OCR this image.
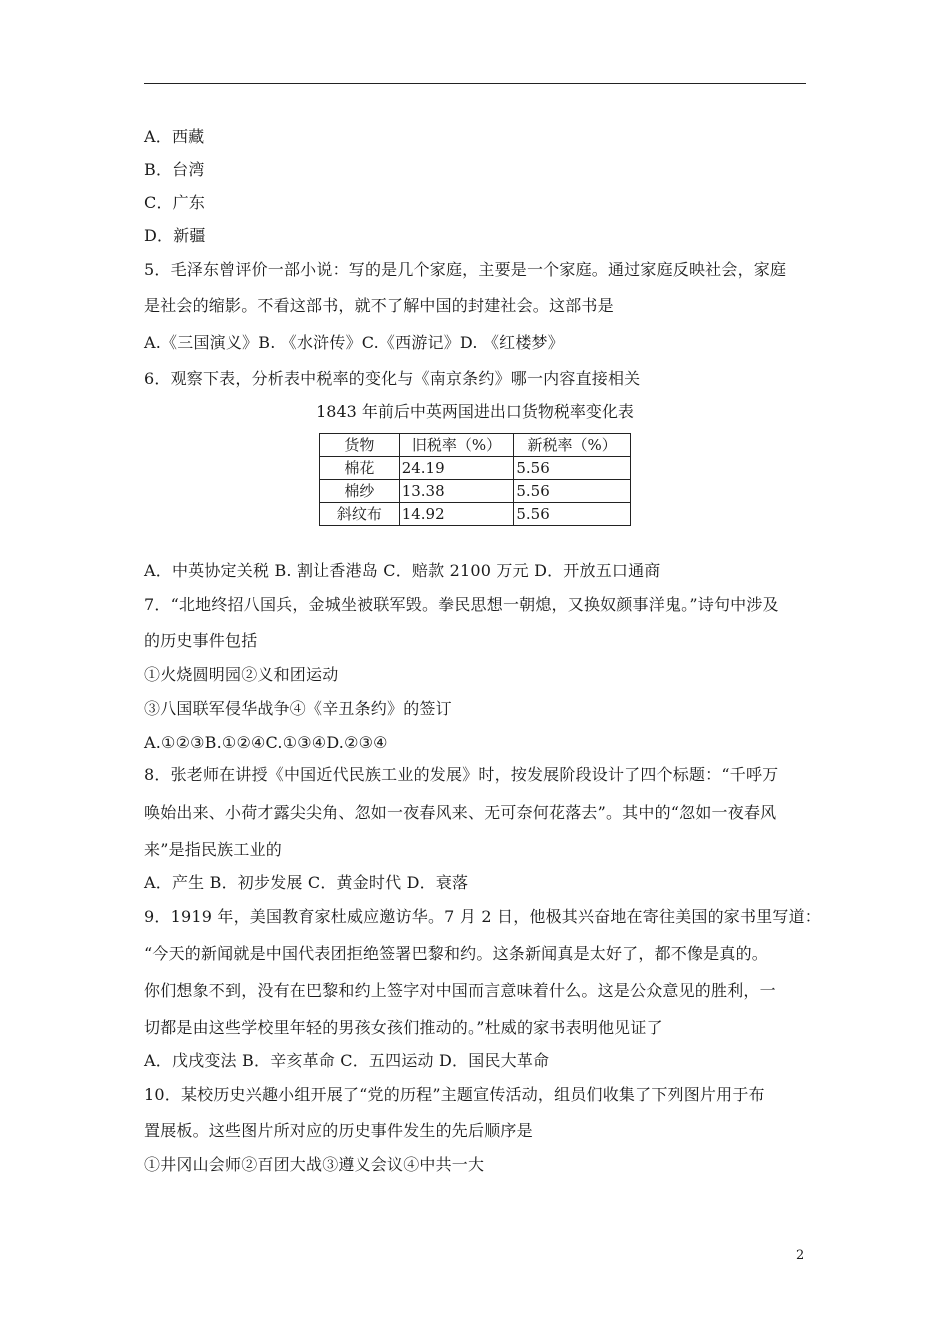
A．西藏
B．台湾
C．广东
D．新疆
5．毛泽东曾评价一部小说：写的是几个家庭，主要是一个家庭。通过家庭反映社会，家庭
是社会的缩影。不看这部书，就不了解中国的封建社会。这部书是
A.《三国演义》B. 《水浒传》C.《西游记》D. 《红楼梦》
6．观察下表，分析表中税率的变化与《南京条约》哪一内容直接相关
1843 年前后中英两国进出口货物税率变化表
货物	旧税率（%）	新税率（%）
棉花	24.19	5.56
棉纱	13.38	5.56
斜纹布	14.92	5.56
A．中英协定关税 B. 割让香港岛 C．赔款 2100 万元 D．开放五口通商
7．“北地终招八国兵，金城坐被联军毁。拳民思想一朝熄，又换奴颜事洋鬼。”诗句中涉及
的历史事件包括
①火烧圆明园②义和团运动
③八国联军侵华战争④《辛丑条约》的签订
A.①②③B.①②④C.①③④D.②③④
8．张老师在讲授《中国近代民族工业的发展》时，按发展阶段设计了四个标题：“千呼万
唤始出来、小荷才露尖尖角、忽如一夜春风来、无可奈何花落去”。其中的“忽如一夜春风
来”是指民族工业的
A．产生 B．初步发展 C．黄金时代 D．衰落
9．1919 年，美国教育家杜威应邀访华。7 月 2 日，他极其兴奋地在寄往美国的家书里写道：
“今天的新闻就是中国代表团拒绝签署巴黎和约。这条新闻真是太好了，都不像是真的。
你们想象不到，没有在巴黎和约上签字对中国而言意味着什么。这是公众意见的胜利，一
切都是由这些学校里年轻的男孩女孩们推动的。”杜威的家书表明他见证了
A．戊戌变法 B．辛亥革命 C．五四运动 D．国民大革命
10．某校历史兴趣小组开展了“党的历程”主题宣传活动，组员们收集了下列图片用于布
置展板。这些图片所对应的历史事件发生的先后顺序是
①井冈山会师②百团大战③遵义会议④中共一大
2
